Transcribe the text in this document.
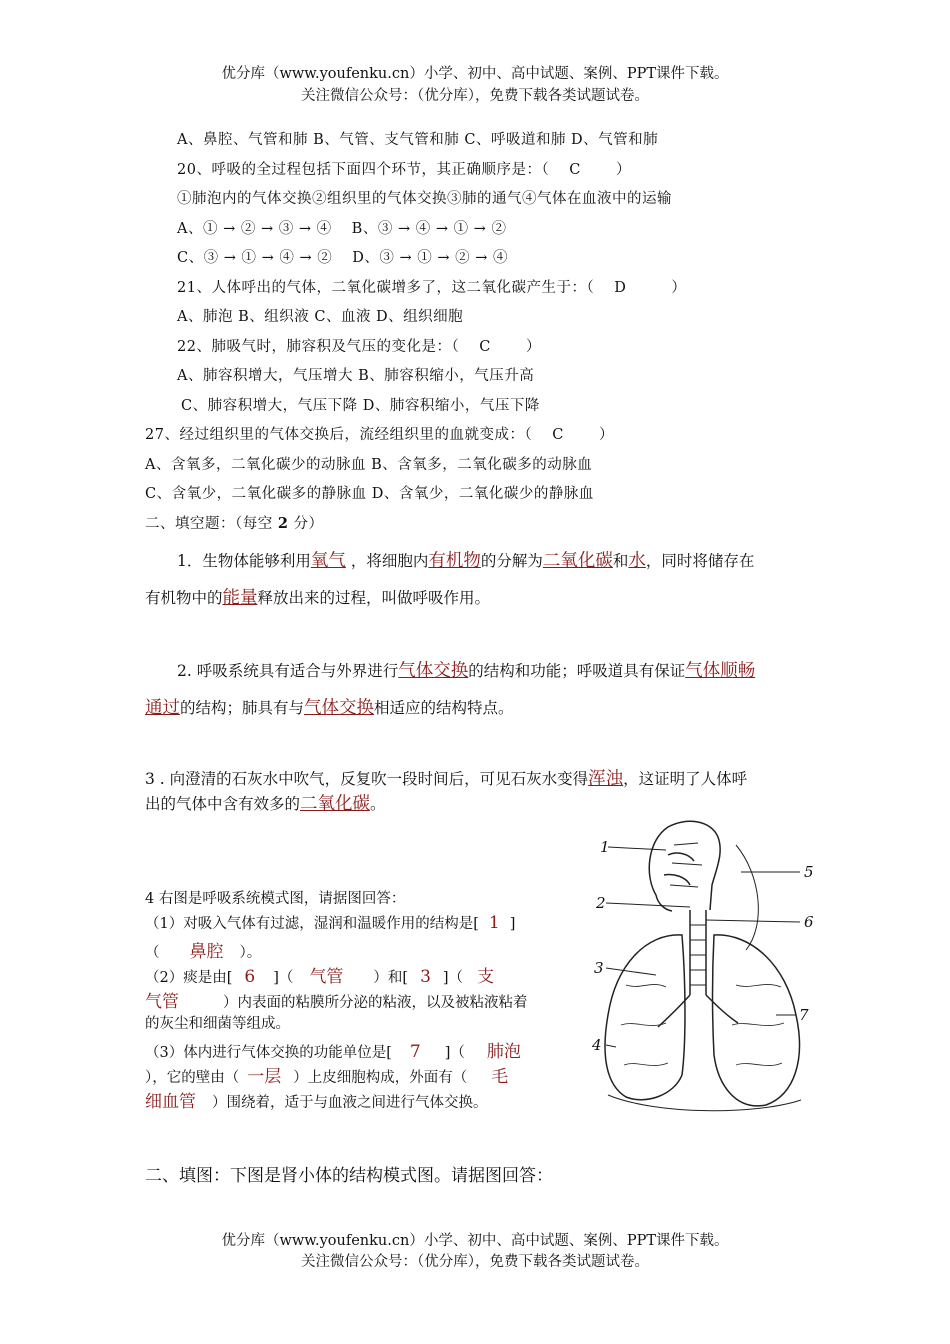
优分库（www.youfenku.cn）小学、初中、高中试题、案例、PPT课件下载。
关注微信公众号：（优分库），免费下载各类试题试卷。
A、鼻腔、气管和肺 B、气管、支气管和肺 C、呼吸道和肺 D、气管和肺
20、呼吸的全过程包括下面四个环节，其正确顺序是：（　 C 　　）
①肺泡内的气体交换②组织里的气体交换③肺的通气④气体在血液中的运输
A、① → ② → ③ → ④　 B、③ → ④ → ① → ②
C、③ → ① → ④ → ②　 D、③ → ① → ② → ④
21、人体呼出的气体，二氧化碳增多了，这二氧化碳产生于：（　 D　　　）
A、肺泡 B、组织液 C、血液 D、组织细胞
22、肺吸气时，肺容积及气压的变化是：（　 C 　　）
A、肺容积增大，气压增大 B、肺容积缩小，气压升高
C、肺容积增大，气压下降 D、肺容积缩小，气压下降
27、经过组织里的气体交换后，流经组织里的血就变成：（　 C 　　）
A、含氧多，二氧化碳少的动脉血 B、含氧多，二氧化碳多的动脉血
C、含氧少，二氧化碳多的静脉血 D、含氧少，二氧化碳少的静脉血
二、填空题：（每空 2 分）
1．生物体能够利用氧气 ，将细胞内有机物的分解为二氧化碳和水，同时将储存在
有机物中的能量释放出来的过程，叫做呼吸作用。
2. 呼吸系统具有适合与外界进行气体交换的结构和功能；呼吸道具有保证气体顺畅
通过的结构；肺具有与气体交换相适应的结构特点。
3 . 向澄清的石灰水中吹气，反复吹一段时间后，可见石灰水变得浑浊，这证明了人体呼
出的气体中含有效多的二氧化碳。
4 右图是呼吸系统模式图，请据图回答：
（1）对吸入气体有过滤，湿润和温暖作用的结构是[ 1 ]
（ 鼻腔 ）。
（2）痰是由[ 6 ]（ 气管 ）和[ 3 ]（ 支
气管	）内表面的粘膜所分泌的粘液，以及被粘液粘着
的灰尘和细菌等组成。
（3）体内进行气体交换的功能单位是[ 7 ]（ 肺泡
），它的壁由（ 一层 ）上皮细胞构成，外面有（ 毛
细血管 ）围绕着，适于与血液之间进行气体交换。
1
2
3
4
5
6
7
二、填图：下图是肾小体的结构模式图。请据图回答：
优分库（www.youfenku.cn）小学、初中、高中试题、案例、PPT课件下载。
关注微信公众号：（优分库），免费下载各类试题试卷。
